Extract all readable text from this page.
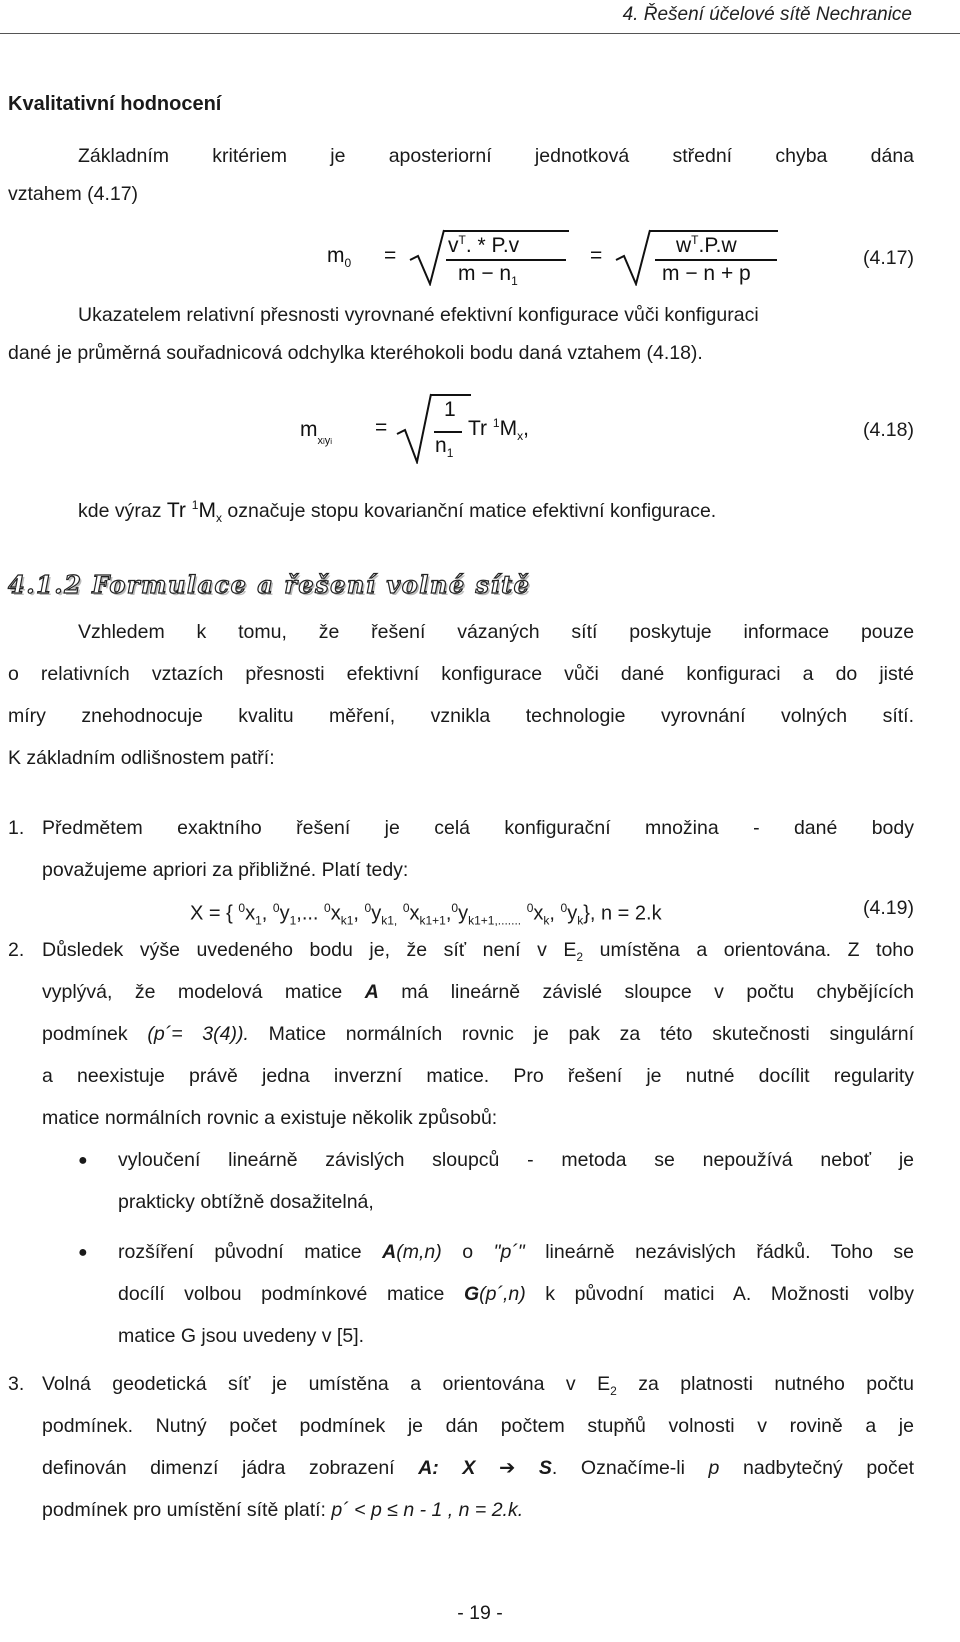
4. Řešení účelové sítě Nechranice
Kvalitativní hodnocení
Základním kritériem je aposteriorní jednotková střední chyba dána
vztahem (4.17)
$m_0 = v^T$. * P.v
$m - n_1$
=	$w^T.P.w$
m − n + p
(4.17)
Ukazatelem relativní přesnosti vyrovnané efektivní konfigurace vůči konfiguraci
dané je průměrná souřadnicová odchylka kteréhokoli bodu daná vztahem (4.18).
$m_{xiyi}$
=
1
$n_1$
Tr $^1M_x$,	(4.18)
kde výraz Tr $^1M_x$ označuje stopu kovarianční matice efektivní konfigurace.
4.1.2 Formulace a řešení volné sítě
Vzhledem k tomu, že řešení vázaných sítí poskytuje informace pouze
o relativních vztazích přesnosti efektivní konfigurace vůči dané konfiguraci a do jisté
míry znehodnocuje kvalitu měření, vznikla technologie vyrovnání volných sítí.
K základním odlišnostem patří:
1. Předmětem exaktního řešení je celá konfigurační množina - dané body
považujeme apriori za přibližné. Platí tedy:
X = { $^0x_1$, $^0y_1$,... $^0x_{k1}$, $^0y_{k1,}$ $^0x_{k1+1},^0y_{k1+1,.......}$ $^0x_k$, $^0y_k$}, n = 2.k	(4.19)
2. Důsledek výše uvedeného bodu je, že síť není v $E_2$ umístěna a orientována. Z toho
vyplývá, že modelová matice A má lineárně závislé sloupce v počtu chybějících
podmínek (p´= 3(4)). Matice normálních rovnic je pak za této skutečnosti singulární
a neexistuje právě jedna inverzní matice. Pro řešení je nutné docílit regularity
matice normálních rovnic a existuje několik způsobů:
● vyloučení lineárně závislých sloupců - metoda se nepoužívá neboť je
prakticky obtížně dosažitelná,
● rozšíření původní matice A(m,n) o "p´" lineárně nezávislých řádků. Toho se
docílí volbou podmínkové matice G(p´,n) k původní matici A. Možnosti volby
matice G jsou uvedeny v [5].
3. Volná geodetická síť je umístěna a orientována v $E_2$ za platnosti nutného počtu
podmínek. Nutný počet podmínek je dán počtem stupňů volnosti v rovině a je
definován dimenzí jádra zobrazení A: X ➔ S. Označíme-li p nadbytečný počet
podmínek pro umístění sítě platí: p´ < p ≤ n - 1 , n = 2.k.
- 19 -
